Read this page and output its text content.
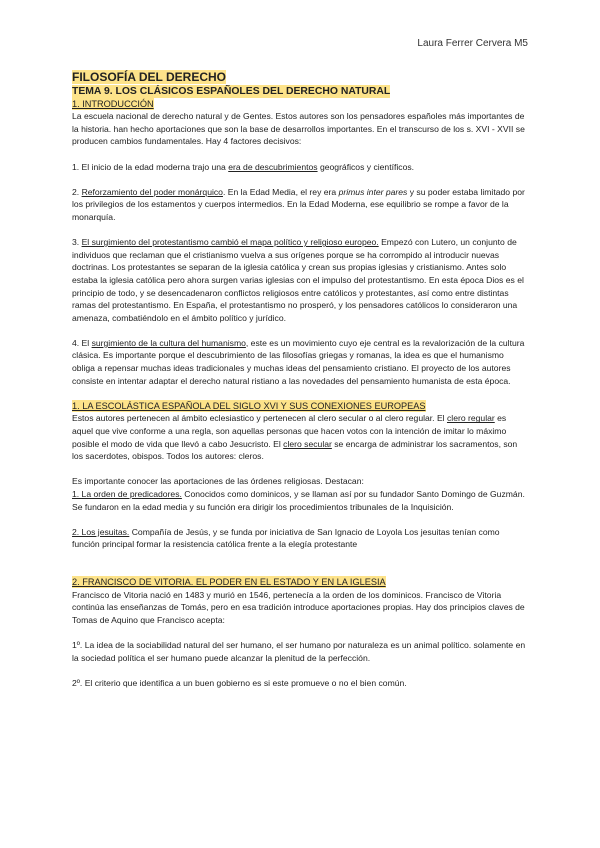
Laura Ferrer Cervera M5
FILOSOFÍA DEL DERECHO
TEMA 9. LOS CLÁSICOS ESPAÑOLES DEL DERECHO NATURAL
1. INTRODUCCIÓN

La escuela nacional de derecho natural y de Gentes. Estos autores son los pensadores españoles más importantes de la historia. han hecho aportaciones que son la base de desarrollos importantes. En el transcurso de los s. XVI - XVII se producen cambios fundamentales. Hay 4 factores decisivos:

1. El inicio de la edad moderna trajo una era de descubrimientos geográficos y científicos.

2. Reforzamiento del poder monárquico. En la Edad Media, el rey era primus inter pares y su poder estaba limitado por los privilegios de los estamentos y cuerpos intermedios. En la Edad Moderna, ese equilibrio se rompe a favor de la monarquía.

3. El surgimiento del protestantismo cambió el mapa político y religioso europeo. Empezó con Lutero, un conjunto de individuos que reclaman que el cristianismo vuelva a sus orígenes porque se ha corrompido al introducir nuevas doctrinas. Los protestantes se separan de la iglesia católica y crean sus propias iglesias y cristianismo. Antes solo estaba la iglesia católica pero ahora surgen varias iglesias con el impulso del protestantismo. En esta época Dios es el principio de todo, y se desencadenaron conflictos religiosos entre católicos y protestantes, así como entre distintas ramas del protestantismo. En España, el protestantismo no prosperó, y los pensadores católicos lo consideraron una amenaza, combatiéndolo en el ámbito político y jurídico.

4. El surgimiento de la cultura del humanismo, este es un movimiento cuyo eje central es la revalorización de la cultura clásica. Es importante porque el descubrimiento de las filosofías griegas y romanas, la idea es que el humanismo obliga a repensar muchas ideas tradicionales y muchas ideas del pensamiento cristiano. El proyecto de los autores consiste en intentar adaptar el derecho natural ristiano a las novedades del pensamiento humanista de esta época.

1. LA ESCOLÁSTICA ESPAÑOLA DEL SIGLO XVI Y SUS CONEXIONES EUROPEAS

Estos autores pertenecen al ámbito eclesiastico y pertenecen al clero secular o al clero regular. El clero regular es aquel que vive conforme a una regla, son aquellas personas que hacen votos con la intención de imitar lo máximo posible el modo de vida que llevó a cabo Jesucristo. El clero secular se encarga de administrar los sacramentos, son los sacerdotes, obispos. Todos los autores: cleros.

Es importante conocer las aportaciones de las órdenes religiosas. Destacan:

1. La orden de predicadores. Conocidos como dominicos, y se llaman así por su fundador Santo Domingo de Guzmán. Se fundaron en la edad media y su función era dirigir los procedimientos tribunales de la Inquisición.

2. Los jesuitas. Compañía de Jesús, y se funda por iniciativa de San Ignacio de Loyola Los jesuitas tenían como función principal formar la resistencia católica frente a la elegía protestante

2. FRANCISCO DE VITORIA. EL PODER EN EL ESTADO Y EN LA IGLESIA

Francisco de Vitoria nació en 1483 y murió en 1546, pertenecía a la orden de los dominicos. Francisco de Vitoria continúa las enseñanzas de Tomás, pero en esa tradición introduce aportaciones propias. Hay dos principios claves de Tomas de Aquino que Francisco acepta:

1º. La idea de la sociabilidad natural del ser humano, el ser humano por naturaleza es un animal político. solamente en la sociedad política el ser humano puede alcanzar la plenitud de la perfección.

2º. El criterio que identifica a un buen gobierno es si este promueve o no el bien común.
